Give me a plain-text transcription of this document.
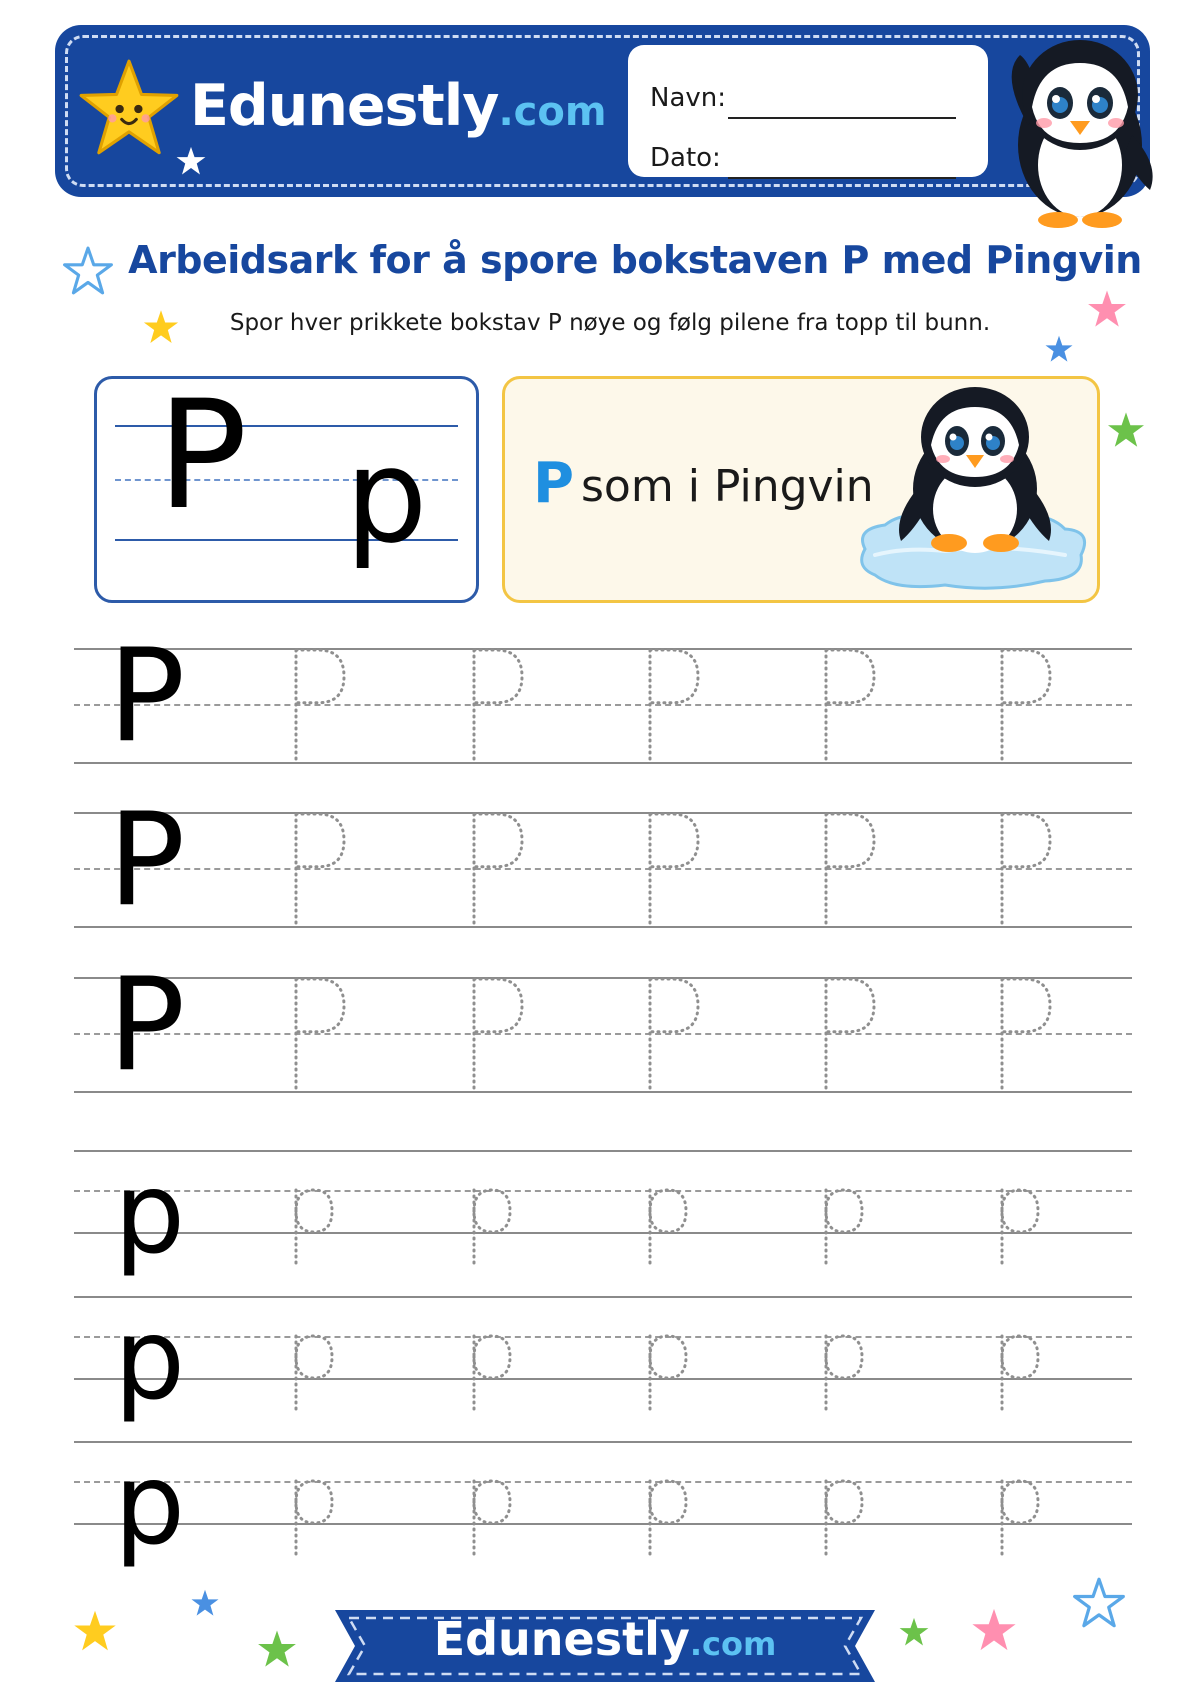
Edunestly.com Navn:
Dato:
Arbeidsark for å spore bokstaven P med Pingvin
Spor hver prikkete bokstav P nøye og følg pilene fra topp til bunn.
P p P som i Pingvin
P
P
P
p
p
p
Edunestly.com
